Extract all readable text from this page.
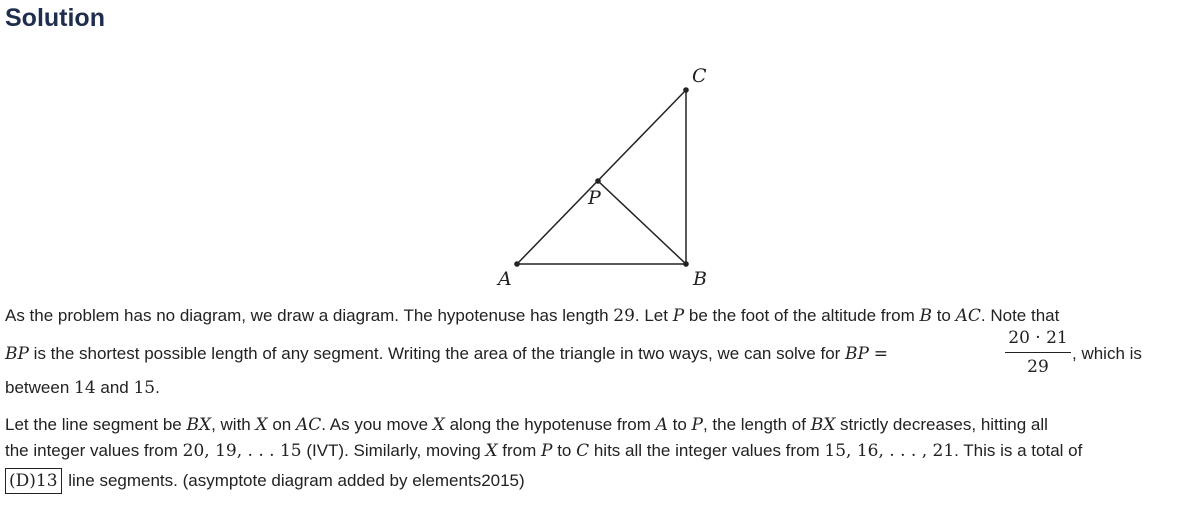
Solution
A	B
C
P
As the problem has no diagram, we draw a diagram. The hypotenuse has length 29. Let P be the foot of the altitude from B to AC. Note that
BP is the shortest possible length of any segment. Writing the area of the triangle in two ways, we can solve for BP =
20 · 21
29
, which is
between 14 and 15.
Let the line segment be BX, with X on AC. As you move X along the hypotenuse from A to P, the length of BX strictly decreases, hitting all
the integer values from 20, 19, . . . 15 (IVT). Similarly, moving X from P to C hits all the integer values from 15, 16, . . . , 21. This is a total of
(D)13 line segments. (asymptote diagram added by elements2015)
